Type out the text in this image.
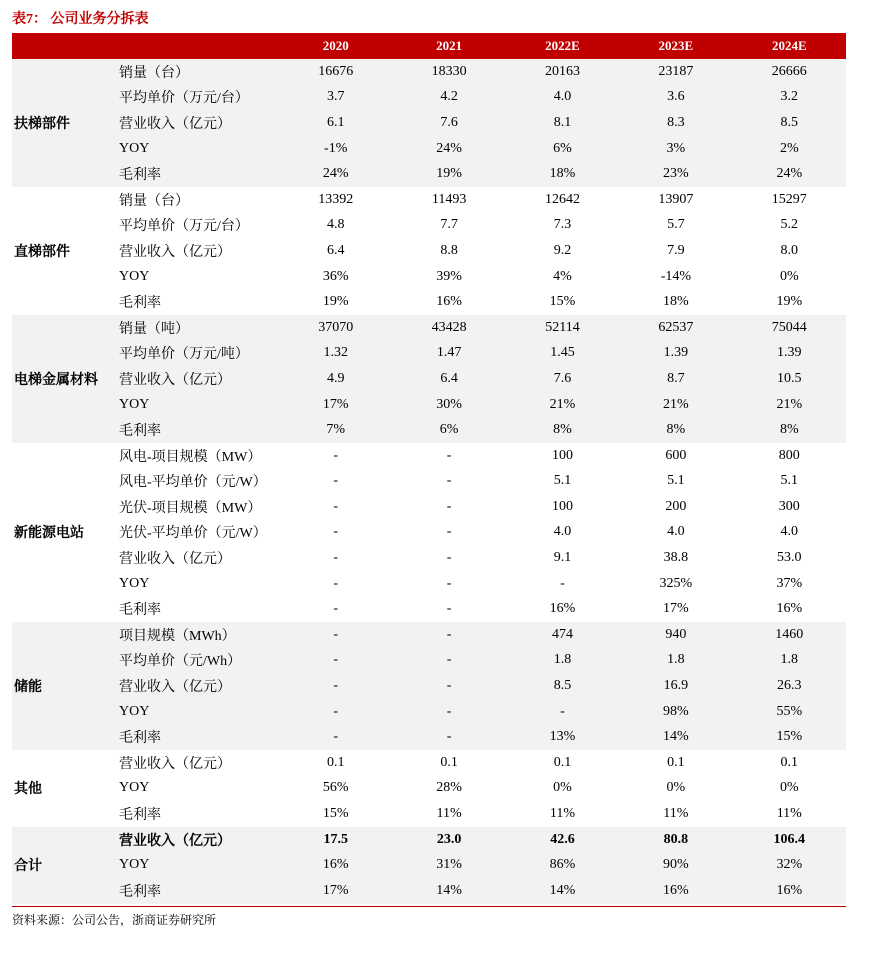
表7： 公司业务分拆表
		2020	2021	2022E	2023E	2024E
扶梯部件	销量（台）	16676	18330	20163	23187	26666
	平均单价（万元/台）	3.7	4.2	4.0	3.6	3.2
	营业收入（亿元）	6.1	7.6	8.1	8.3	8.5
	YOY	-1%	24%	6%	3%	2%
	毛利率	24%	19%	18%	23%	24%
直梯部件	销量（台）	13392	11493	12642	13907	15297
	平均单价（万元/台）	4.8	7.7	7.3	5.7	5.2
	营业收入（亿元）	6.4	8.8	9.2	7.9	8.0
	YOY	36%	39%	4%	-14%	0%
	毛利率	19%	16%	15%	18%	19%
电梯金属材料	销量（吨）	37070	43428	52114	62537	75044
	平均单价（万元/吨）	1.32	1.47	1.45	1.39	1.39
	营业收入（亿元）	4.9	6.4	7.6	8.7	10.5
	YOY	17%	30%	21%	21%	21%
	毛利率	7%	6%	8%	8%	8%
新能源电站	风电-项目规模（MW）	-	-	100	600	800
	风电-平均单价（元/W）	-	-	5.1	5.1	5.1
	光伏-项目规模（MW）	-	-	100	200	300
	光伏-平均单价（元/W）	-	-	4.0	4.0	4.0
	营业收入（亿元）	-	-	9.1	38.8	53.0
	YOY	-	-	-	325%	37%
	毛利率	-	-	16%	17%	16%
储能	项目规模（MWh）	-	-	474	940	1460
	平均单价（元/Wh）	-	-	1.8	1.8	1.8
	营业收入（亿元）	-	-	8.5	16.9	26.3
	YOY	-	-	-	98%	55%
	毛利率	-	-	13%	14%	15%
其他	营业收入（亿元）	0.1	0.1	0.1	0.1	0.1
	YOY	56%	28%	0%	0%	0%
	毛利率	15%	11%	11%	11%	11%
合计	营业收入（亿元）	17.5	23.0	42.6	80.8	106.4
	YOY	16%	31%	86%	90%	32%
	毛利率	17%	14%	14%	16%	16%
资料来源：公司公告，浙商证券研究所
